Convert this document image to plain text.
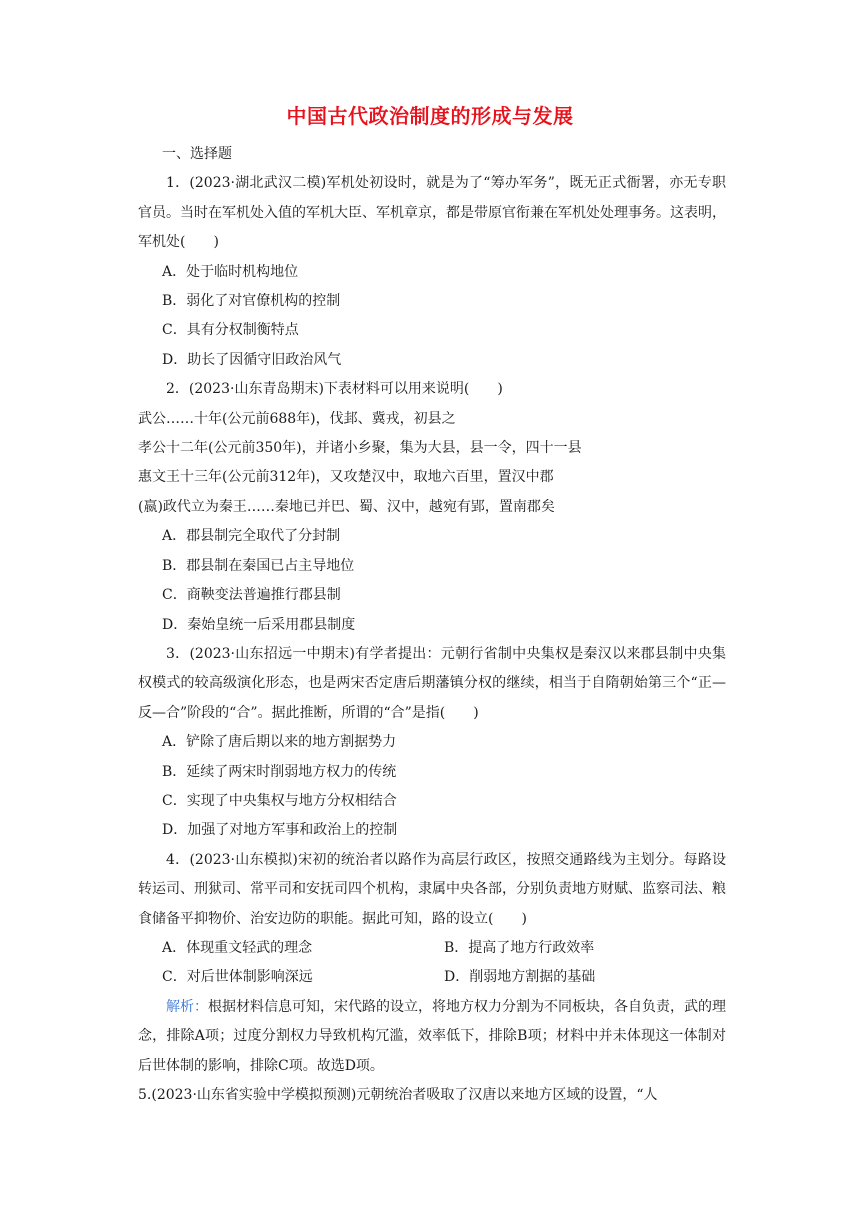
中国古代政治制度的形成与发展

一、选择题

1．(2023·湖北武汉二模)军机处初设时，就是为了“筹办军务”，既无正式衙署，亦无专职官员。当时在军机处入值的军机大臣、军机章京，都是带原官衔兼在军机处处理事务。这表明，军机处(　　)

A．处于临时机构地位

B．弱化了对官僚机构的控制

C．具有分权制衡特点

D．助长了因循守旧政治风气

2．(2023·山东青岛期末)下表材料可以用来说明(　　)

武公……十年(公元前688年)，伐邽、冀戎，初县之

孝公十二年(公元前350年)，并诸小乡聚，集为大县，县一令，四十一县

惠文王十三年(公元前312年)，又攻楚汉中，取地六百里，置汉中郡

(嬴)政代立为秦王……秦地已并巴、蜀、汉中，越宛有郢，置南郡矣

A．郡县制完全取代了分封制

B．郡县制在秦国已占主导地位

C．商鞅变法普遍推行郡县制

D．秦始皇统一后采用郡县制度

3．(2023·山东招远一中期末)有学者提出：元朝行省制中央集权是秦汉以来郡县制中央集权模式的较高级演化形态，也是两宋否定唐后期藩镇分权的继续，相当于自隋朝始第三个“正—反—合”阶段的“合”。据此推断，所谓的“合”是指(　　)

A．铲除了唐后期以来的地方割据势力

B．延续了两宋时削弱地方权力的传统

C．实现了中央集权与地方分权相结合

D．加强了对地方军事和政治上的控制

4．(2023·山东模拟)宋初的统治者以路作为高层行政区，按照交通路线为主划分。每路设转运司、刑狱司、常平司和安抚司四个机构，隶属中央各部，分别负责地方财赋、监察司法、粮食储备平抑物价、治安边防的职能。据此可知，路的设立(　　)

A．体现重文轻武的理念	B．提高了地方行政效率
C．对后世体制影响深远	D．削弱地方割据的基础

解析：根据材料信息可知，宋代路的设立，将地方权力分割为不同板块，各自负责，武的理念，排除A项；过度分割权力导致机构冗滥，效率低下，排除B项；材料中并未体现这一体制对后世体制的影响，排除C项。故选D项。

5.(2023·山东省实验中学模拟预测)元朝统治者吸取了汉唐以来地方区域的设置，“人
